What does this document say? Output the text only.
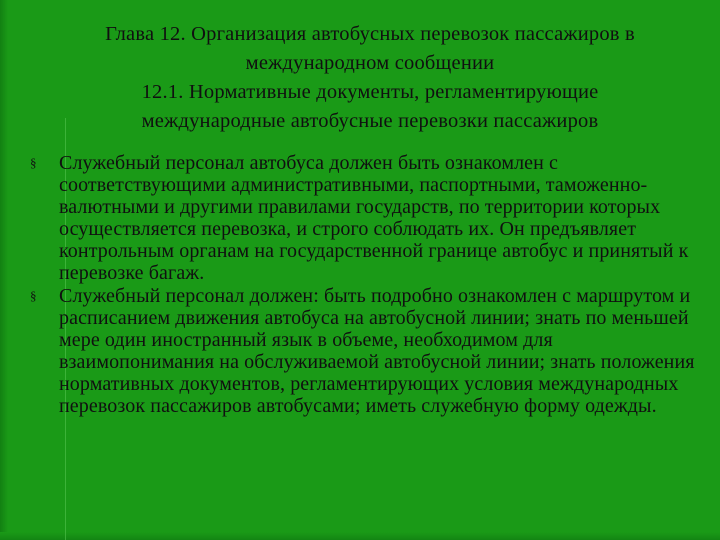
Глава 12. Организация автобусных перевозок пассажиров в
международном сообщении
12.1. Нормативные документы, регламентирующие
международные автобусные перевозки пассажиров
§ Служебный персонал автобуса должен быть ознакомлен с соответствующими административными, паспортными, таможенно-валютными и другими правилами государств, по территории которых осуществляется перевозка, и строго соблюдать их. Он предъявляет контрольным органам на государственной границе автобус и принятый к перевозке багаж.
§ Служебный персонал должен: быть подробно ознакомлен с маршрутом и расписанием движения автобуса на автобусной линии; знать по меньшей мере один иностранный язык в объеме, необходимом для взаимопонимания на обслуживаемой автобусной линии; знать положения нормативных документов, регламентирующих условия международных перевозок пассажиров автобусами; иметь служебную форму одежды.
